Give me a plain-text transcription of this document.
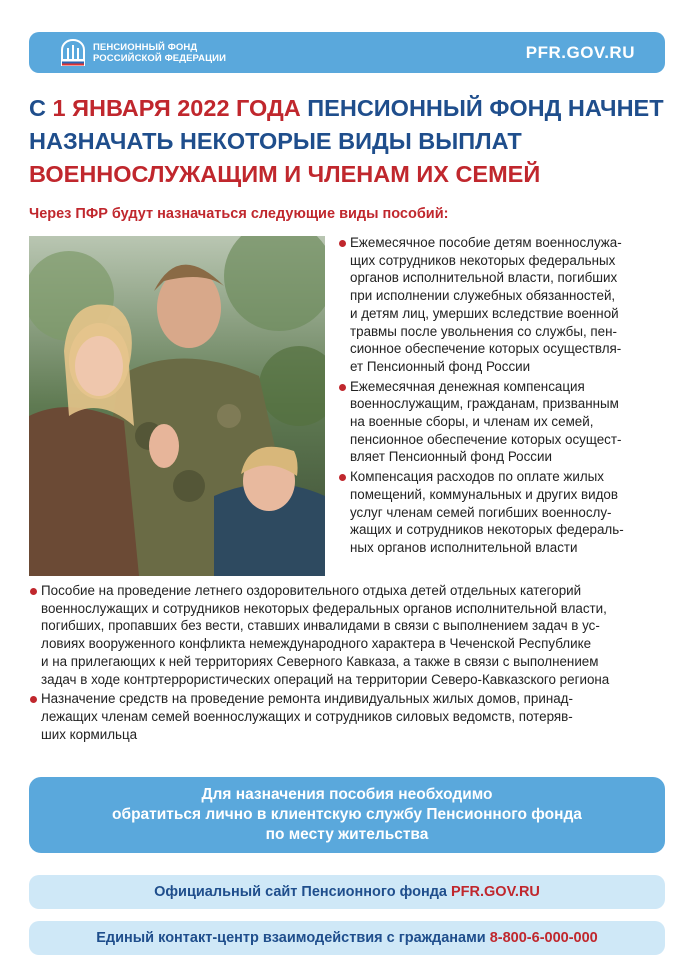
ПЕНСИОННЫЙ ФОНД
РОССИЙСКОЙ ФЕДЕРАЦИИ	PFR.GOV.RU
С 1 ЯНВАРЯ 2022 ГОДА ПЕНСИОННЫЙ ФОНД НАЧНЕТ НАЗНАЧАТЬ НЕКОТОРЫЕ ВИДЫ ВЫПЛАТ ВОЕННОСЛУЖАЩИМ И ЧЛЕНАМ ИХ СЕМЕЙ
Через ПФР будут назначаться следующие виды пособий:
Ежемесячное пособие детям военнослужа-
щих сотрудников некоторых федеральных
органов исполнительной власти, погибших
при исполнении служебных обязанностей,
и детям лиц, умерших вследствие военной
травмы после увольнения со службы, пен-
сионное обеспечение которых осуществля-
ет Пенсионный фонд России
Ежемесячная денежная компенсация
военнослужащим, гражданам, призванным
на военные сборы, и членам их семей,
пенсионное обеспечение которых осущест-
вляет Пенсионный фонд России
Компенсация расходов по оплате жилых
помещений, коммунальных и других видов
услуг членам семей погибших военнослу-
жащих и сотрудников некоторых федераль-
ных органов исполнительной власти
Пособие на проведение летнего оздоровительного отдыха детей отдельных категорий
военнослужащих и сотрудников некоторых федеральных органов исполнительной власти,
погибших, пропавших без вести, ставших инвалидами в связи с выполнением задач в ус-
ловиях вооруженного конфликта немеждународного характера в Чеченской Республике
и на прилегающих к ней территориях Северного Кавказа, а также в связи с выполнением
задач в ходе контртеррористических операций на территории Северо-Кавказского региона
Назначение средств на проведение ремонта индивидуальных жилых домов, принад-
лежащих членам семей военнослужащих и сотрудников силовых ведомств, потеряв-
ших кормильца
Для назначения пособия необходимо
обратиться лично в клиентскую службу Пенсионного фонда
по месту жительства
Официальный сайт Пенсионного фонда PFR.GOV.RU
Единый контакт-центр взаимодействия с гражданами 8-800-6-000-000
